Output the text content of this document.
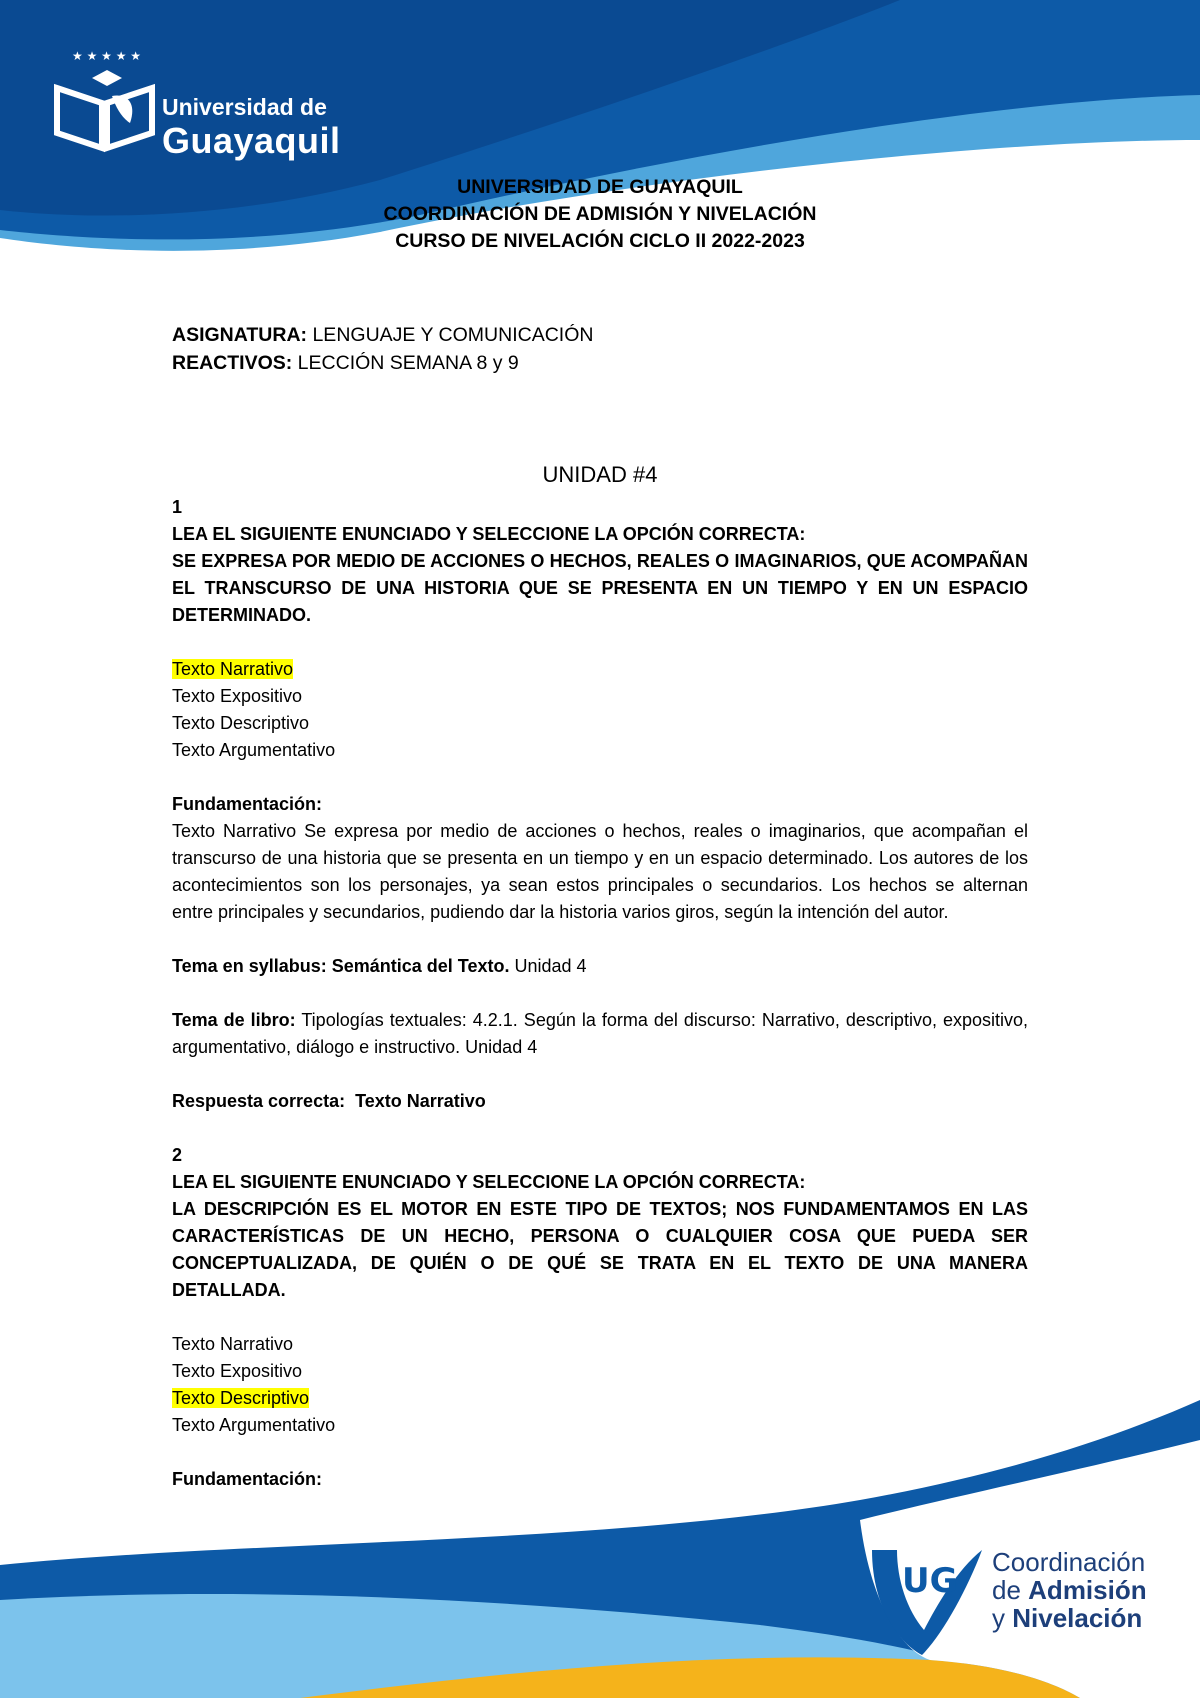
★ ★ ★ ★ ★
Universidad de
Guayaquil
UNIVERSIDAD DE GUAYAQUIL
COORDINACIÓN DE ADMISIÓN Y NIVELACIÓN
CURSO DE NIVELACIÓN CICLO II 2022-2023
ASIGNATURA: LENGUAJE Y COMUNICACIÓN
REACTIVOS: LECCIÓN SEMANA 8 y 9
UNIDAD #4

1

LEA EL SIGUIENTE ENUNCIADO Y SELECCIONE LA OPCIÓN CORRECTA:

SE EXPRESA POR MEDIO DE ACCIONES O HECHOS, REALES O IMAGINARIOS, QUE ACOMPAÑAN EL TRANSCURSO DE UNA HISTORIA QUE SE PRESENTA EN UN TIEMPO Y EN UN ESPACIO DETERMINADO.

Texto Narrativo

Texto Expositivo

Texto Descriptivo

Texto Argumentativo

Fundamentación:

Texto Narrativo Se expresa por medio de acciones o hechos, reales o imaginarios, que acompañan el transcurso de una historia que se presenta en un tiempo y en un espacio determinado. Los autores de los acontecimientos son los personajes, ya sean estos principales o secundarios. Los hechos se alternan entre principales y secundarios, pudiendo dar la historia varios giros, según la intención del autor.

Tema en syllabus: Semántica del Texto. Unidad 4

Tema de libro: Tipologías textuales: 4.2.1. Según la forma del discurso: Narrativo, descriptivo, expositivo, argumentativo, diálogo e instructivo. Unidad 4

Respuesta correcta:  Texto Narrativo

2

LEA EL SIGUIENTE ENUNCIADO Y SELECCIONE LA OPCIÓN CORRECTA:

LA DESCRIPCIÓN ES EL MOTOR EN ESTE TIPO DE TEXTOS; NOS FUNDAMENTAMOS EN LAS CARACTERÍSTICAS DE UN HECHO, PERSONA O CUALQUIER COSA QUE PUEDA SER CONCEPTUALIZADA, DE QUIÉN O DE QUÉ SE TRATA EN EL TEXTO DE UNA MANERA DETALLADA.

Texto Narrativo

Texto Expositivo

Texto Descriptivo

Texto Argumentativo

Fundamentación:

UG Coordinación
de Admisión
y Nivelación
